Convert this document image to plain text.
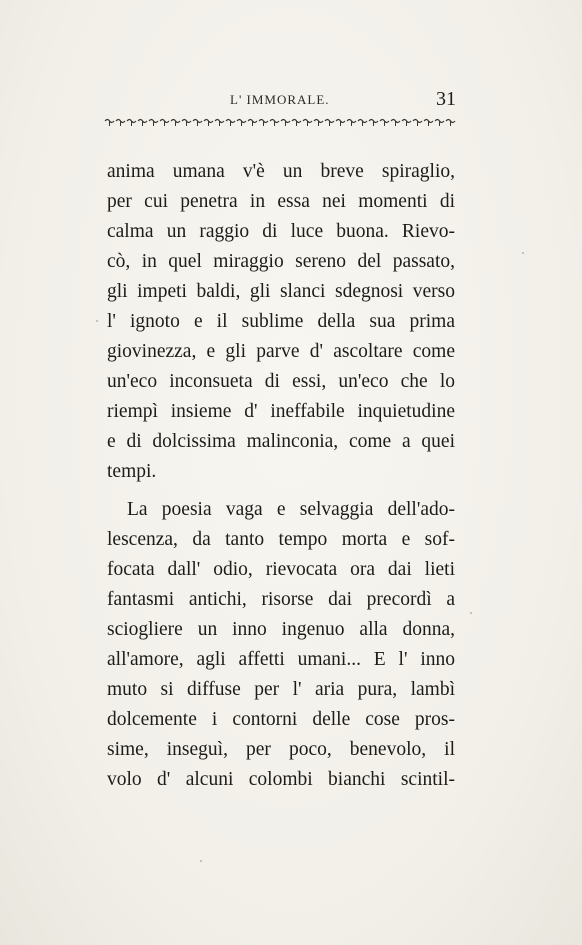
L' IMMORALE.	31
anima umana v'è un breve spiraglio,
per cui penetra in essa nei momenti di
calma un raggio di luce buona. Rievo-
cò, in quel miraggio sereno del passato,
gli impeti baldi, gli slanci sdegnosi verso
l' ignoto e il sublime della sua prima
giovinezza, e gli parve d' ascoltare come
un'eco inconsueta di essi, un'eco che lo
riempì insieme d' ineffabile inquietudine
e di dolcissima malinconia, come a quei
tempi.
La poesia vaga e selvaggia dell'ado-
lescenza, da tanto tempo morta e sof-
focata dall' odio, rievocata ora dai lieti
fantasmi antichi, risorse dai precordì a
sciogliere un inno ingenuo alla donna,
all'amore, agli affetti umani... E l' inno
muto si diffuse per l' aria pura, lambì
dolcemente i contorni delle cose pros-
sime, inseguì, per poco, benevolo, il
volo d' alcuni colombi bianchi scintil-
